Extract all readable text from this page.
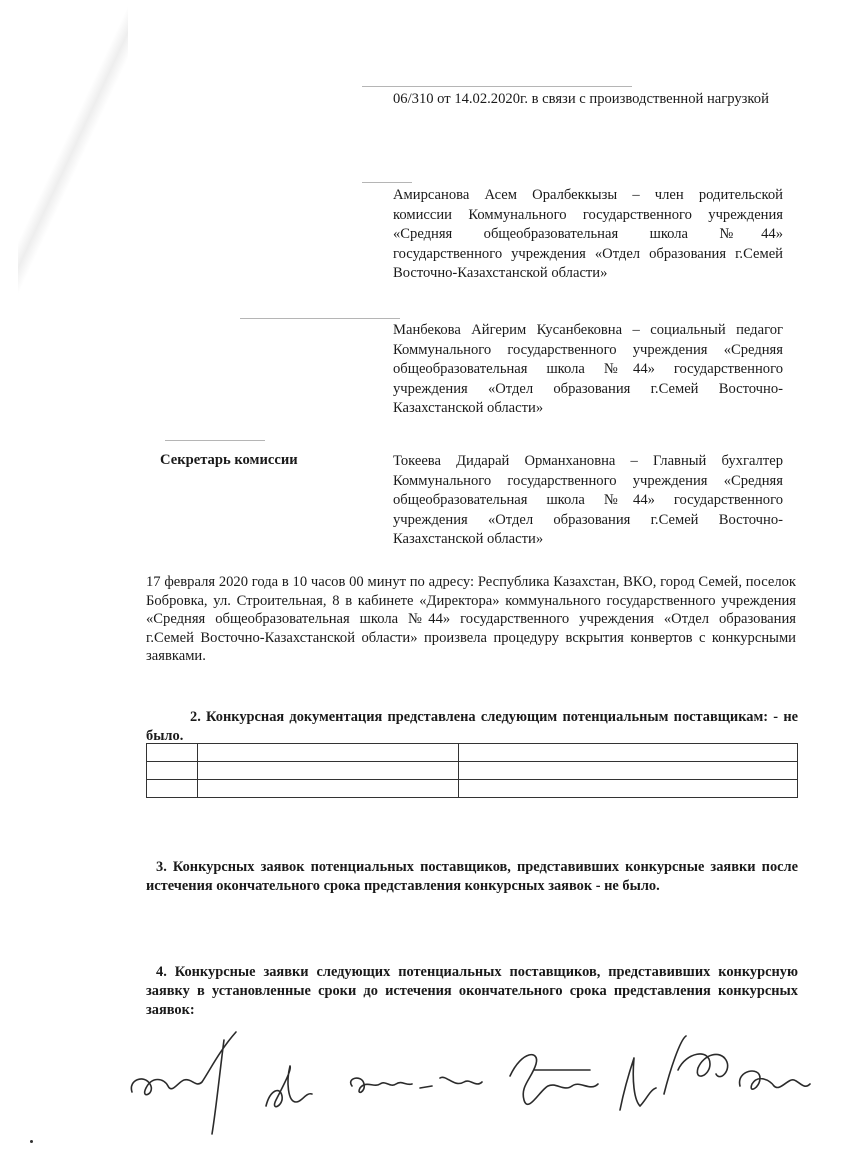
06/310 от 14.02.2020г. в связи с производственной нагрузкой
Амирсанова Асем Оралбеккызы – член родительской комиссии Коммунального государственного учреждения «Средняя общеобразовательная школа №44» государственного учреждения «Отдел образования г.Семей Восточно-Казахстанской области»
Манбекова Айгерим Кусанбековна – социальный педагог Коммунального государственного учреждения «Средняя общеобразовательная школа №44» государственного учреждения «Отдел образования г.Семей Восточно-Казахстанской области»
Секретарь комиссии	Токеева Дидарай Орманхановна – Главный бухгалтер Коммунального государственного учреждения «Средняя общеобразовательная школа №44» государственного учреждения «Отдел образования г.Семей Восточно-Казахстанской области»
17 февраля 2020 года в 10 часов 00 минут по адресу: Республика Казахстан, ВКО, город Семей, поселок Бобровка, ул. Строительная, 8 в кабинете «Директора» коммунального государственного учреждения «Средняя общеобразовательная школа №44» государственного учреждения «Отдел образования г.Семей Восточно-Казахстанской области» произвела процедуру вскрытия конвертов с конкурсными заявками.
2. Конкурсная документация представлена следующим потенциальным поставщикам: - не было.

3. Конкурсных заявок потенциальных поставщиков, представивших конкурсные заявки после истечения окончательного срока представления конкурсных заявок - не было.
4. Конкурсные заявки следующих потенциальных поставщиков, представивших конкурсную заявку в установленные сроки до истечения окончательного срока представления конкурсных заявок:
